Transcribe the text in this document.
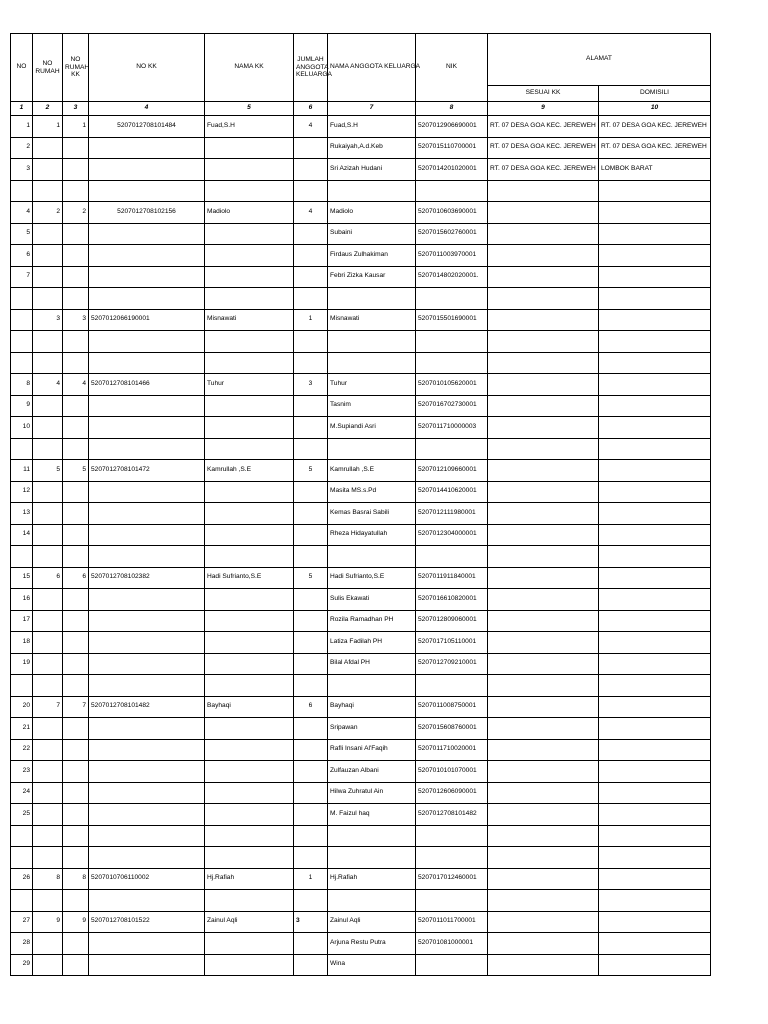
NO	NO RUMAH	NO RUMAH KK	NO KK	NAMA KK	JUMLAH ANGGOTA KELUARGA	NAMA ANGGOTA KELUARGA	NIK	ALAMAT	
								SESUAI KK	DOMISILI
1	2	3	4	5	6	7	8	9	10
1	1	1	5207012708101484	Fuad,S.H	4	Fuad,S.H	5207012906690001	RT. 07 DESA GOA KEC. JEREWEH	RT. 07 DESA GOA KEC. JEREWEH
2						Rukaiyah,A.d.Keb	5207015110700001	RT. 07 DESA GOA KEC. JEREWEH	RT. 07 DESA GOA KEC. JEREWEH
3						Sri Azizah Hudani	5207014201020001	RT. 07 DESA GOA KEC. JEREWEH	LOMBOK BARAT

4	2	2	5207012708102156	Madiolo	4	Madiolo	5207010603690001		
5						Subaini	5207015602760001		
6						Firdaus Zulhakiman	5207011003970001		
7						Febri Zizka Kausar	5207014802020001.		

	3	3	5207012066190001	Misnawati	1	Misnawati	5207015501690001		

8	4	4	5207012708101466	Tuhur	3	Tuhur	5207010105620001		
9						Tasnim	5207016702730001		
10						M.Supiandi Asri	5207011710000003		

11	5	5	5207012708101472	Kamrullah ,S.E	5	Kamrullah ,S.E	5207012109660001		
12						Masita MS.s.Pd	5207014410620001		
13						Kemas Basrai Sabili	5207012111980001		
14						Rheza Hidayatullah	5207012304000001		

15	6	6	5207012708102382	Hadi Sufrianto,S.E	5	Hadi Sufrianto,S.E	5207011911840001		
16						Sulis Ekawati	5207016610820001		
17						Rozila Ramadhan PH	5207012809060001		
18						Latiza Fadilah PH	5207017105110001		
19						Bilal Afdal PH	5207012709210001		

20	7	7	5207012708101482	Bayhaqi	6	Bayhaqi	5207011008750001		
21						Sripawan	5207015608760001		
22						Rafli Insani Al'Faqih	5207011710020001		
23						Zulfauzan Albani	5207010101070001		
24						Hilwa Zuhratul Ain	5207012606090001		
25						M. Faizul haq	5207012708101482		

26	8	8	5207010706110002	Hj.Rafiah	1	Hj.Rafiah	5207017012460001		

27	9	9	5207012708101522	Zainul Aqli	3	Zainul Aqli	5207011011700001		
28						Arjuna Restu Putra	520701081000001		
29						Wina			
